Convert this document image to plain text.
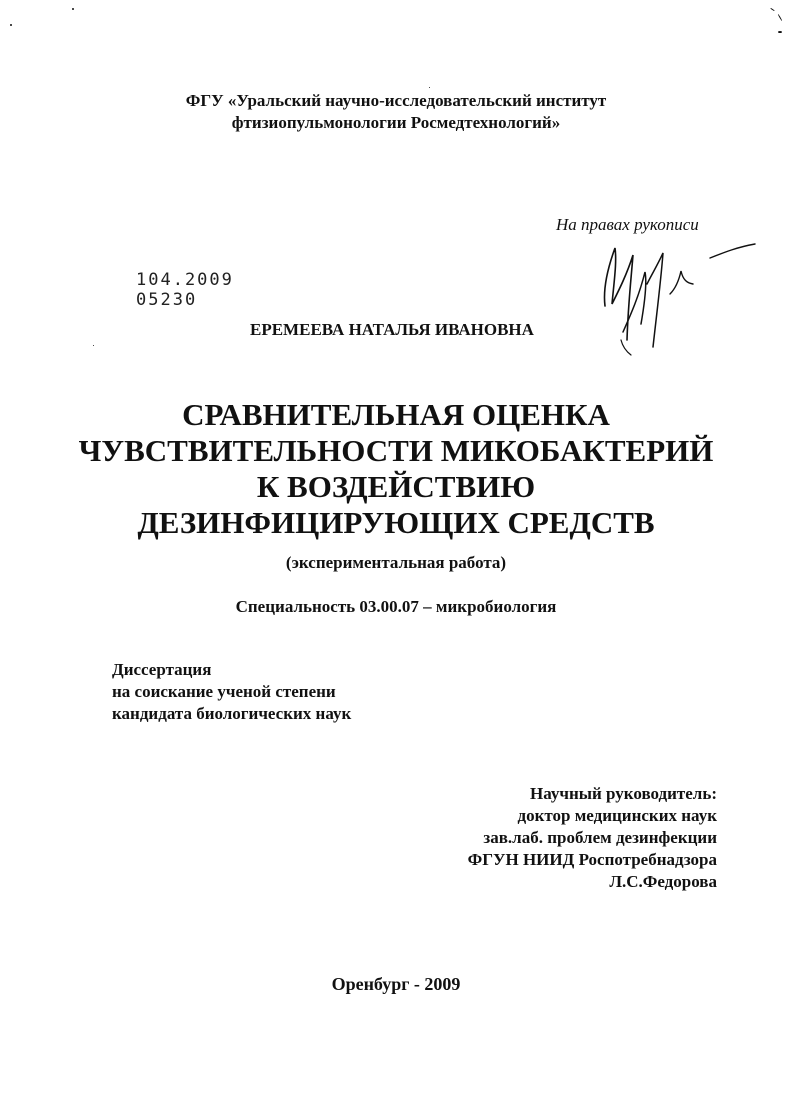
ФГУ «Уральский научно-исследовательский институт
фтизиопульмонологии Росмедтехнологий»
На правах рукописи
104.2009 05230
ЕРЕМЕЕВА НАТАЛЬЯ ИВАНОВНА
СРАВНИТЕЛЬНАЯ ОЦЕНКА
ЧУВСТВИТЕЛЬНОСТИ МИКОБАКТЕРИЙ
К ВОЗДЕЙСТВИЮ
ДЕЗИНФИЦИРУЮЩИХ СРЕДСТВ
(экспериментальная работа)
Специальность 03.00.07 – микробиология
Диссертация
на соискание ученой степени
кандидата биологических наук
Научный руководитель:
доктор медицинских наук
зав.лаб. проблем дезинфекции
ФГУН НИИД Роспотребнадзора
Л.С.Федорова
Оренбург - 2009
